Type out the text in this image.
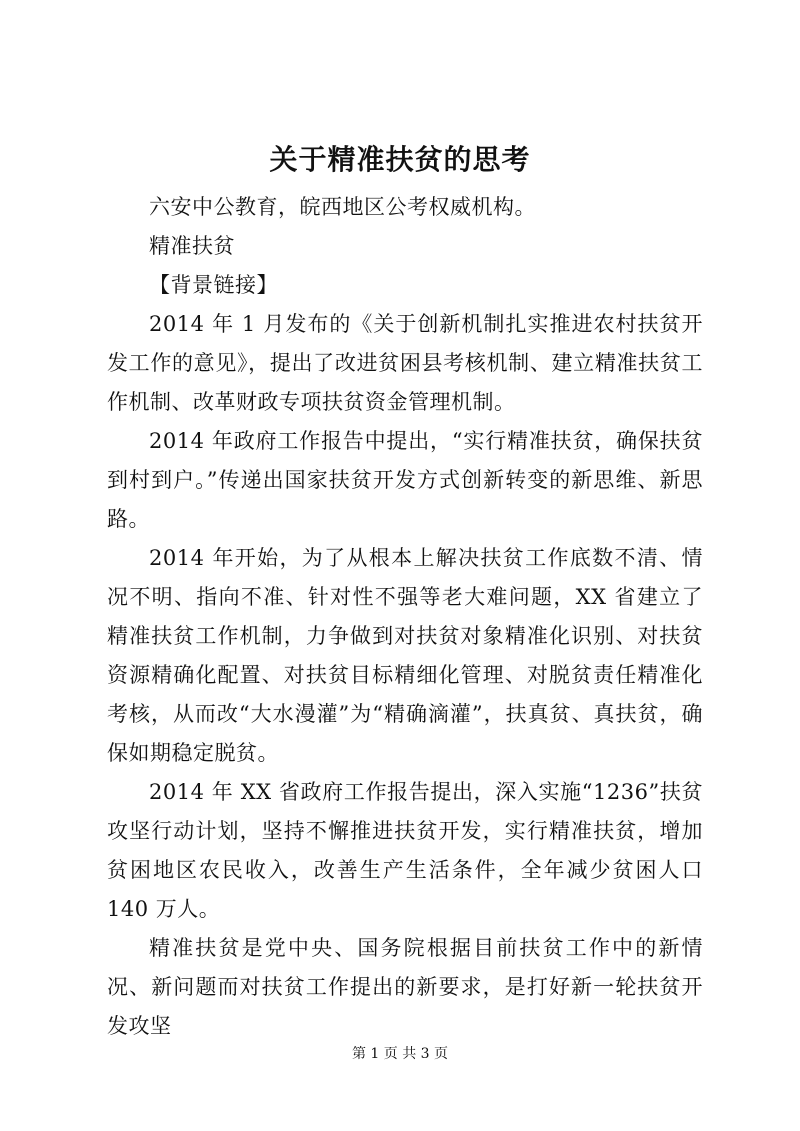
关于精准扶贫的思考

六安中公教育，皖西地区公考权威机构。

精准扶贫

【背景链接】

2014 年 1 月发布的《关于创新机制扎实推进农村扶贫开发工作的意见》，提出了改进贫困县考核机制、建立精准扶贫工作机制、改革财政专项扶贫资金管理机制。

2014 年政府工作报告中提出，“实行精准扶贫，确保扶贫到村到户。”传递出国家扶贫开发方式创新转变的新思维、新思路。

2014 年开始，为了从根本上解决扶贫工作底数不清、情况不明、指向不准、针对性不强等老大难问题，XX 省建立了精准扶贫工作机制，力争做到对扶贫对象精准化识别、对扶贫资源精确化配置、对扶贫目标精细化管理、对脱贫责任精准化考核，从而改“大水漫灌”为“精确滴灌”，扶真贫、真扶贫，确保如期稳定脱贫。

2014 年 XX 省政府工作报告提出，深入实施“1236”扶贫攻坚行动计划，坚持不懈推进扶贫开发，实行精准扶贫，增加贫困地区农民收入，改善生产生活条件，全年减少贫困人口 140 万人。

精准扶贫是党中央、国务院根据目前扶贫工作中的新情况、新问题而对扶贫工作提出的新要求，是打好新一轮扶贫开发攻坚

第 1 页 共 3 页
